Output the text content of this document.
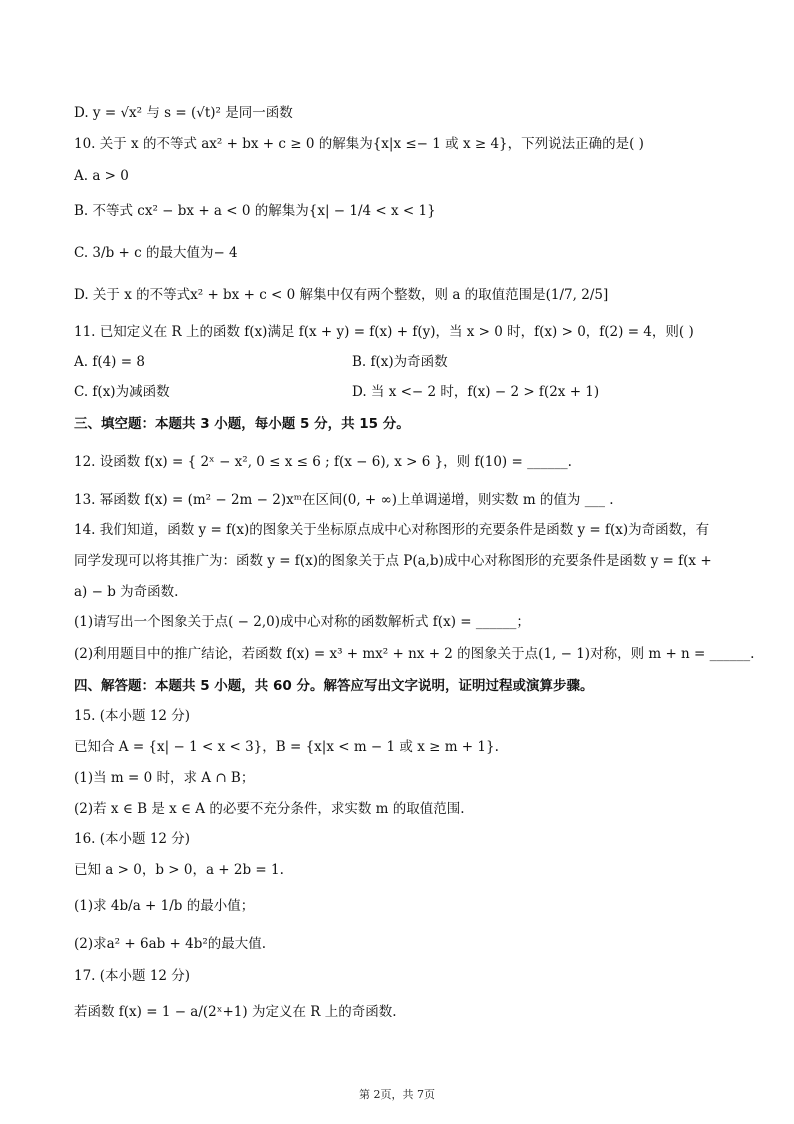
D. y = √x² 与 s = (√t)² 是同一函数
10. 关于 x 的不等式 ax² + bx + c ≥ 0 的解集为{x|x ≤− 1 或 x ≥ 4}，下列说法正确的是( )
A. a > 0
B. 不等式 cx² − bx + a < 0 的解集为{x| − 1/4 < x < 1}
C. 3/b + c 的最大值为− 4
D. 关于 x 的不等式x² + bx + c < 0 解集中仅有两个整数，则 a 的取值范围是(1/7, 2/5]
11. 已知定义在 R 上的函数 f(x)满足 f(x + y) = f(x) + f(y)，当 x > 0 时，f(x) > 0，f(2) = 4，则( )
A. f(4) = 8	B. f(x)为奇函数
C. f(x)为减函数	D. 当 x <− 2 时，f(x) − 2 > f(2x + 1)
三、填空题：本题共 3 小题，每小题 5 分，共 15 分。
12. 设函数 f(x) = { 2ˣ − x², 0 ≤ x ≤ 6 ; f(x − 6), x > 6 }，则 f(10) = ______.
13. 幂函数 f(x) = (m² − 2m − 2)xᵐ在区间(0, + ∞)上单调递增，则实数 m 的值为 ___ .
14. 我们知道，函数 y = f(x)的图象关于坐标原点成中心对称图形的充要条件是函数 y = f(x)为奇函数，有
同学发现可以将其推广为：函数 y = f(x)的图象关于点 P(a,b)成中心对称图形的充要条件是函数 y = f(x +
a) − b 为奇函数.
(1)请写出一个图象关于点( − 2,0)成中心对称的函数解析式 f(x) = ______；
(2)利用题目中的推广结论，若函数 f(x) = x³ + mx² + nx + 2 的图象关于点(1, − 1)对称，则 m + n = ______.
四、解答题：本题共 5 小题，共 60 分。解答应写出文字说明，证明过程或演算步骤。
15. (本小题 12 分)
已知合 A = {x| − 1 < x < 3}，B = {x|x < m − 1 或 x ≥ m + 1}.
(1)当 m = 0 时，求 A ∩ B；
(2)若 x ∈ B 是 x ∈ A 的必要不充分条件，求实数 m 的取值范围.
16. (本小题 12 分)
已知 a > 0，b > 0，a + 2b = 1.
(1)求 4b/a + 1/b 的最小值；
(2)求a² + 6ab + 4b²的最大值.
17. (本小题 12 分)
若函数 f(x) = 1 − a/(2ˣ+1) 为定义在 R 上的奇函数.
第 2页，共 7页
